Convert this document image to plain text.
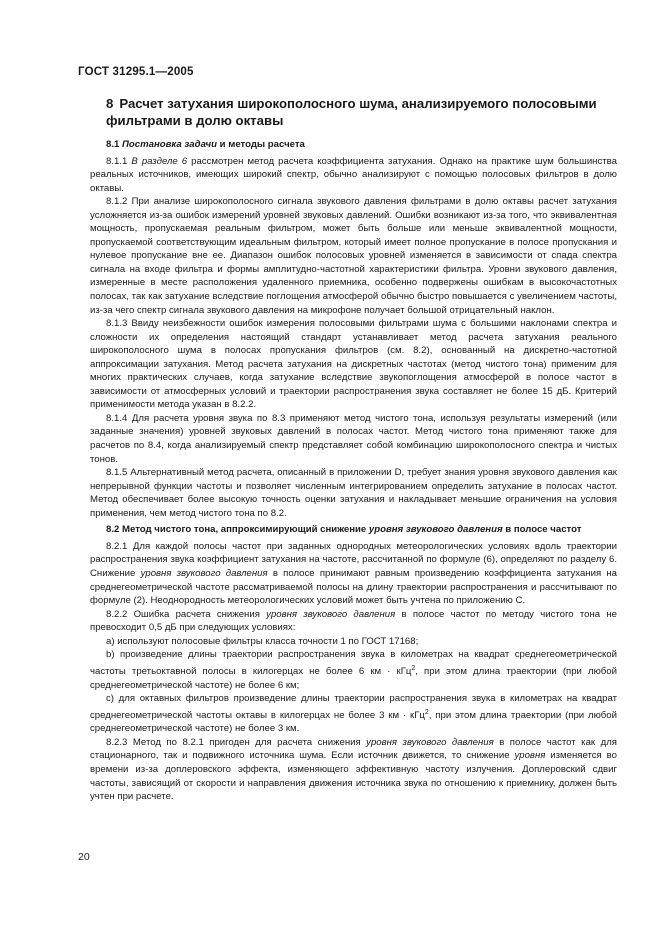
ГОСТ 31295.1—2005
8 Расчет затухания широкополосного шума, анализируемого полосовыми фильтрами в долю октавы
8.1 Постановка задачи и методы расчета

8.1.1 В разделе 6 рассмотрен метод расчета коэффициента затухания. Однако на практике шум большинства реальных источников, имеющих широкий спектр, обычно анализируют с помощью полосовых фильтров в долю октавы.

8.1.2 При анализе широкополосного сигнала звукового давления фильтрами в долю октавы расчет затухания усложняется из-за ошибок измерений уровней звуковых давлений. Ошибки возникают из-за того, что эквивалентная мощность, пропускаемая реальным фильтром, может быть больше или меньше эквивалентной мощности, пропускаемой соответствующим идеальным фильтром, который имеет полное пропускание в полосе пропускания и нулевое пропускание вне ее. Диапазон ошибок полосовых уровней изменяется в зависимости от спада спектра сигнала на входе фильтра и формы амплитудно-частотной характеристики фильтра. Уровни звукового давления, измеренные в месте расположения удаленного приемника, особенно подвержены ошибкам в высокочастотных полосах, так как затухание вследствие поглощения атмосферой обычно быстро повышается с увеличением частоты, из-за чего спектр сигнала звукового давления на микрофоне получает большой отрицательный наклон.

8.1.3 Ввиду неизбежности ошибок измерения полосовыми фильтрами шума с большими наклонами спектра и сложности их определения настоящий стандарт устанавливает метод расчета затухания реального широкополосного шума в полосах пропускания фильтров (см. 8.2), основанный на дискретно-частотной аппроксимации затухания. Метод расчета затухания на дискретных частотах (метод чистого тона) применим для многих практических случаев, когда затухание вследствие звукопоглощения атмосферой в полосе частот в зависимости от атмосферных условий и траектории распространения звука составляет не более 15 дБ. Критерий применимости метода указан в 8.2.2.

8.1.4 Для расчета уровня звука по 8.3 применяют метод чистого тона, используя результаты измерений (или заданные значения) уровней звуковых давлений в полосах частот. Метод чистого тона применяют также для расчетов по 8.4, когда анализируемый спектр представляет собой комбинацию широкополосного спектра и чистых тонов.

8.1.5 Альтернативный метод расчета, описанный в приложении D, требует знания уровня звукового давления как непрерывной функции частоты и позволяет численным интегрированием определить затухание в полосах частот. Метод обеспечивает более высокую точность оценки затухания и накладывает меньшие ограничения на условия применения, чем метод чистого тона по 8.2.

8.2 Метод чистого тона, аппроксимирующий снижение уровня звукового давления в полосе частот

8.2.1 Для каждой полосы частот при заданных однородных метеорологических условиях вдоль траектории распространения звука коэффициент затухания на частоте, рассчитанной по формуле (6), определяют по разделу 6. Снижение уровня звукового давления в полосе принимают равным произведению коэффициента затухания на среднегеометрической частоте рассматриваемой полосы на длину траектории распространения и рассчитывают по формуле (2). Неоднородность метеорологических условий может быть учтена по приложению С.

8.2.2 Ошибка расчета снижения уровня звукового давления в полосе частот по методу чистого тона не превосходит 0,5 дБ при следующих условиях:

а) используют полосовые фильтры класса точности 1 по ГОСТ 17168;

b) произведение длины траектории распространения звука в километрах на квадрат среднегеометрической частоты третьоктавной полосы в килогерцах не более 6 км · кГц$^2$, при этом длина траектории (при любой среднегеометрической частоте) не более 6 км;

с) для октавных фильтров произведение длины траектории распространения звука в километрах на квадрат среднегеометрической частоты октавы в килогерцах не более 3 км · кГц$^2$, при этом длина траектории (при любой среднегеометрической частоте) не более 3 км.

8.2.3 Метод по 8.2.1 пригоден для расчета снижения уровня звукового давления в полосе частот как для стационарного, так и подвижного источника шума. Если источник движется, то снижение уровня изменяется во времени из-за доплеровского эффекта, изменяющего эффективную частоту излучения. Доплеровский сдвиг частоты, зависящий от скорости и направления движения источника звука по отношению к приемнику, должен быть учтен при расчете.

20
